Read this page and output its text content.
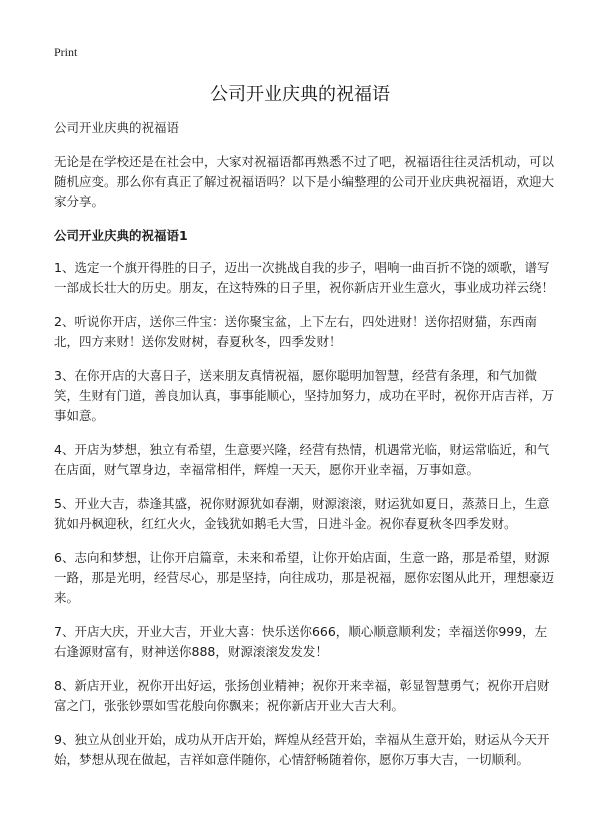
Print
公司开业庆典的祝福语

公司开业庆典的祝福语

无论是在学校还是在社会中，大家对祝福语都再熟悉不过了吧，祝福语往往灵活机动，可以随机应变。那么你有真正了解过祝福语吗？以下是小编整理的公司开业庆典祝福语，欢迎大家分享。

公司开业庆典的祝福语1

1、选定一个旗开得胜的日子，迈出一次挑战自我的步子，唱响一曲百折不饶的颂歌，谱写一部成长壮大的历史。朋友，在这特殊的日子里，祝你新店开业生意火，事业成功祥云绕！

2、听说你开店，送你三件宝：送你聚宝盆，上下左右，四处进财！送你招财猫，东西南北，四方来财！送你发财树，春夏秋冬，四季发财！

3、在你开店的大喜日子，送来朋友真情祝福，愿你聪明加智慧，经营有条理，和气加微笑，生财有门道，善良加认真，事事能顺心，坚持加努力，成功在平时，祝你开店吉祥，万事如意。

4、开店为梦想，独立有希望，生意要兴隆，经营有热情，机遇常光临，财运常临近，和气在店面，财气罩身边，幸福常相伴，辉煌一天天，愿你开业幸福，万事如意。

5、开业大吉，恭逢其盛，祝你财源犹如春潮，财源滚滚，财运犹如夏日，蒸蒸日上，生意犹如丹枫迎秋，红红火火，金钱犹如鹅毛大雪，日进斗金。祝你春夏秋冬四季发财。

6、志向和梦想，让你开启篇章，未来和希望，让你开始店面，生意一路，那是希望，财源一路，那是光明，经营尽心，那是坚持，向往成功，那是祝福，愿你宏图从此开，理想豪迈来。

7、开店大庆，开业大吉，开业大喜：快乐送你666，顺心顺意顺利发；幸福送你999，左右逢源财富有，财神送你888，财源滚滚发发发！

8、新店开业，祝你开出好运，张扬创业精神；祝你开来幸福，彰显智慧勇气；祝你开启财富之门，张张钞票如雪花般向你飘来；祝你新店开业大吉大利。

9、独立从创业开始，成功从开店开始，辉煌从经营开始，幸福从生意开始，财运从今天开始，梦想从现在做起，吉祥如意伴随你，心情舒畅随着你，愿你万事大吉，一切顺利。
